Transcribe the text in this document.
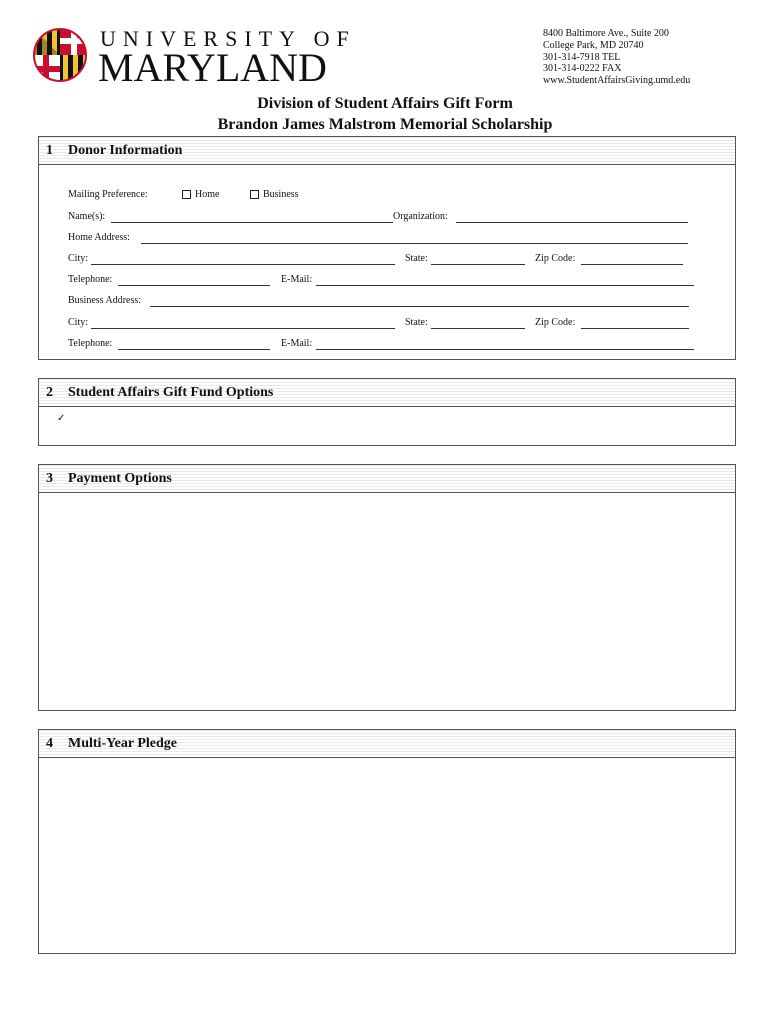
UNIVERSITY OF
MARYLAND
8400 Baltimore Ave., Suite 200
College Park, MD 20740
301-314-7918 TEL
301-314-0222 FAX
www.StudentAffairsGiving.umd.edu
Division of Student Affairs Gift Form
Brandon James Malstrom Memorial Scholarship
1 Donor Information
Mailing Preference:	Home	Business
Name(s):	Organization:
Home Address:
City:	State:	Zip Code:
Telephone:	E-Mail:
Business Address:
City:	State:	Zip Code:
Telephone:	E-Mail:
2 Student Affairs Gift Fund Options
✓
3 Payment Options
4 Multi-Year Pledge
